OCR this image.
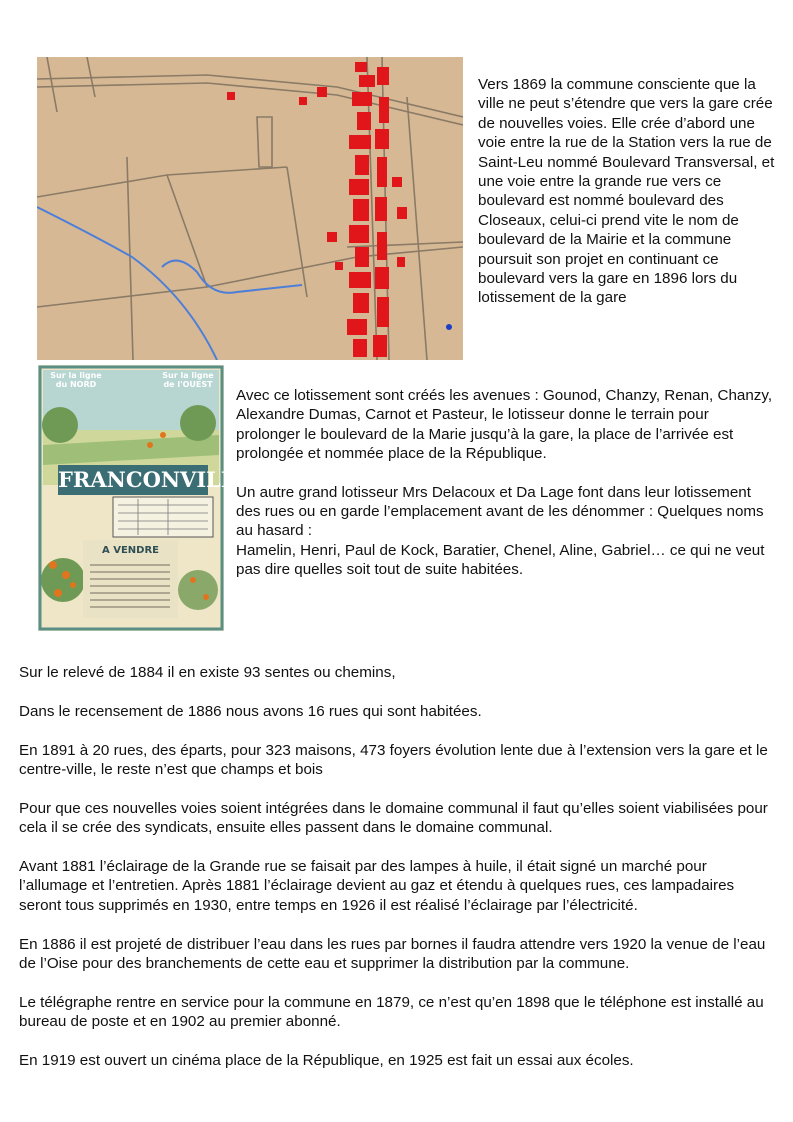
Vers 1869 la commune consciente que la ville ne peut s’étendre que vers la gare crée de nouvelles voies. Elle crée d’abord une voie entre la rue de la Station vers la rue de Saint-Leu nommé Boulevard Transversal, et une voie entre la grande rue vers ce boulevard est nommé boulevard des Closeaux, celui-ci prend vite le nom de boulevard de la Mairie et la commune poursuit son projet en continuant ce boulevard vers la gare en 1896 lors du lotissement de la gare
Sur la ligne du NORD
Sur la ligne de l'OUEST
FRANCONVILLE
A VENDRE

Avec ce lotissement sont créés les avenues : Gounod, Chanzy, Renan, Chanzy, Alexandre Dumas, Carnot et Pasteur, le lotisseur donne le terrain pour prolonger le boulevard de la Marie jusqu’à la gare, la place de l’arrivée est prolongée et nommée place de la République.

Un autre grand lotisseur Mrs Delacoux et Da Lage font dans leur lotissement des rues ou en garde l’emplacement avant de les dénommer : Quelques noms au hasard :

Hamelin, Henri, Paul de Kock, Baratier, Chenel, Aline, Gabriel… ce qui ne veut pas dire quelles soit tout de suite habitées.

Sur le relevé de 1884 il en existe 93 sentes ou chemins,

Dans le recensement de 1886 nous avons 16 rues qui sont habitées.

En 1891 à 20 rues, des éparts, pour 323 maisons, 473 foyers évolution lente due à l’extension vers la gare et le centre-ville, le reste n’est que champs et bois

Pour que ces nouvelles voies soient intégrées dans le domaine communal il faut qu’elles soient viabilisées pour cela il se crée des syndicats, ensuite elles passent dans le domaine communal.

Avant 1881 l’éclairage de la Grande rue se faisait par des lampes à huile, il était signé un marché pour l’allumage et l’entretien. Après 1881 l’éclairage devient au gaz et étendu à quelques rues, ces lampadaires seront tous supprimés en 1930, entre temps en 1926 il est réalisé l’éclairage par l’électricité.

En 1886 il est projeté de distribuer l’eau dans les rues par bornes il faudra attendre vers 1920 la venue de l’eau de l’Oise pour des branchements de cette eau et supprimer la distribution par la commune.

Le télégraphe rentre en service pour la commune en 1879, ce n’est qu’en 1898 que le téléphone est installé au bureau de poste et en 1902 au premier abonné.

En 1919 est ouvert un cinéma place de la République, en 1925 est fait un essai aux écoles.
